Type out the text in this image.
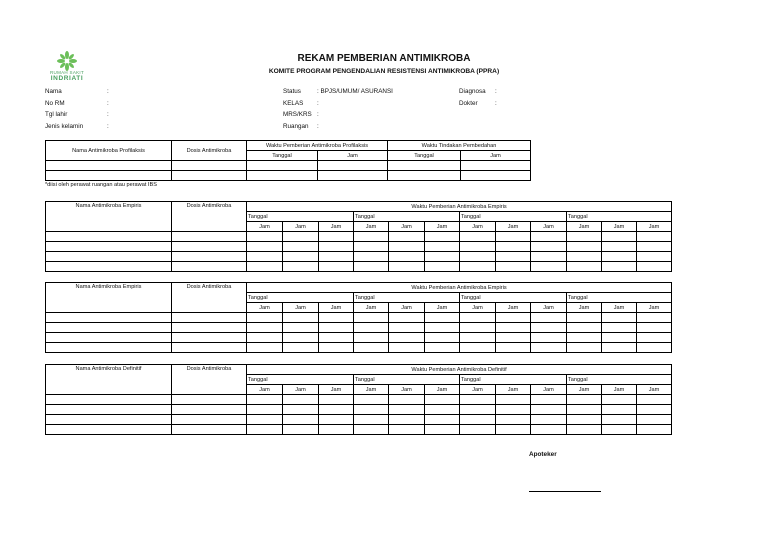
RUMAH SAKIT
INDRIATI
REKAM PEMBERIAN ANTIMIKROBA
KOMITE PROGRAM PENGENDALIAN RESISTENSI ANTIMIKROBA (PPRA)
Nama	:
No RM	:
Tgl lahir	:
Jenis kelamin	:
Status	: BPJS/UMUM/ ASURANSI
KELAS :
MRS/KRS :
Ruangan :
Diagnosa :
Dokter	:
Nama Antimikroba Profilaksis	Dosis Antimikroba	Waktu Pemberian Antimikroba Profilaksis		Waktu Tindakan Pembedahan	
		Tanggal	Jam	Tanggal	Jam

*diisi oleh perawat ruangan atau perawat IBS
Nama Antimikroba Empiris	Dosis Antimikroba	Waktu Pemberian Antimikroba Empiris											
		Tanggal			Tanggal			Tanggal			Tanggal		
		Jam	Jam	Jam	Jam	Jam	Jam	Jam	Jam	Jam	Jam	Jam	Jam

Nama Antimikroba Empiris	Dosis Antimikroba	Waktu Pemberian Antimikroba Empiris											
		Tanggal			Tanggal			Tanggal			Tanggal		
		Jam	Jam	Jam	Jam	Jam	Jam	Jam	Jam	Jam	Jam	Jam	Jam

Nama Antimikroba Definitif	Dosis Antimikroba	Waktu Pemberian Antimikroba Definitif											
		Tanggal			Tanggal			Tanggal			Tanggal		
		Jam	Jam	Jam	Jam	Jam	Jam	Jam	Jam	Jam	Jam	Jam	Jam

Apoteker
